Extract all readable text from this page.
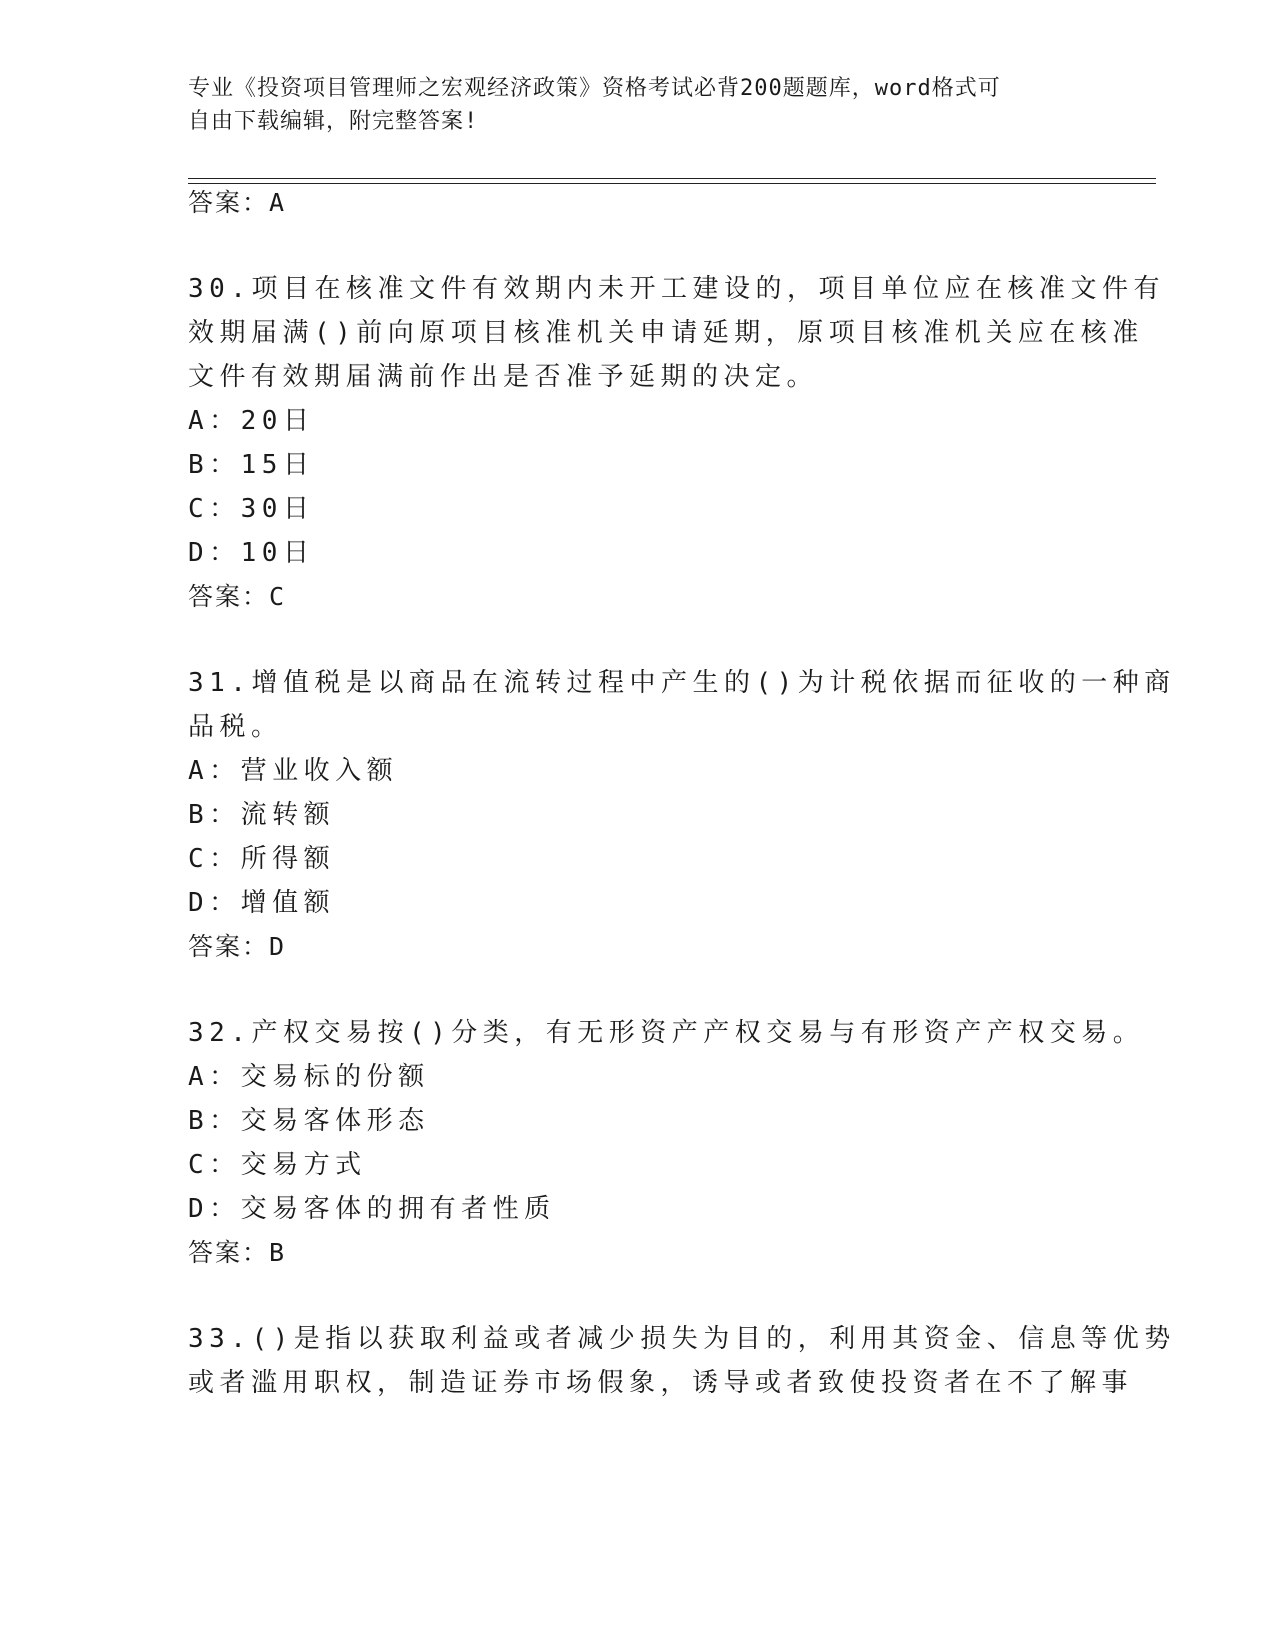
专业《投资项目管理师之宏观经济政策》资格考试必背200题题库，word格式可
自由下载编辑，附完整答案!
答案：A
30.项目在核准文件有效期内未开工建设的，项目单位应在核准文件有
效期届满()前向原项目核准机关申请延期，原项目核准机关应在核准
文件有效期届满前作出是否准予延期的决定。
A：20日
B：15日
C：30日
D：10日
答案：C
31.增值税是以商品在流转过程中产生的()为计税依据而征收的一种商
品税。
A：营业收入额
B：流转额
C：所得额
D：增值额
答案：D
32.产权交易按()分类，有无形资产产权交易与有形资产产权交易。
A：交易标的份额
B：交易客体形态
C：交易方式
D：交易客体的拥有者性质
答案：B
33.()是指以获取利益或者减少损失为目的，利用其资金、信息等优势
或者滥用职权，制造证券市场假象，诱导或者致使投资者在不了解事
